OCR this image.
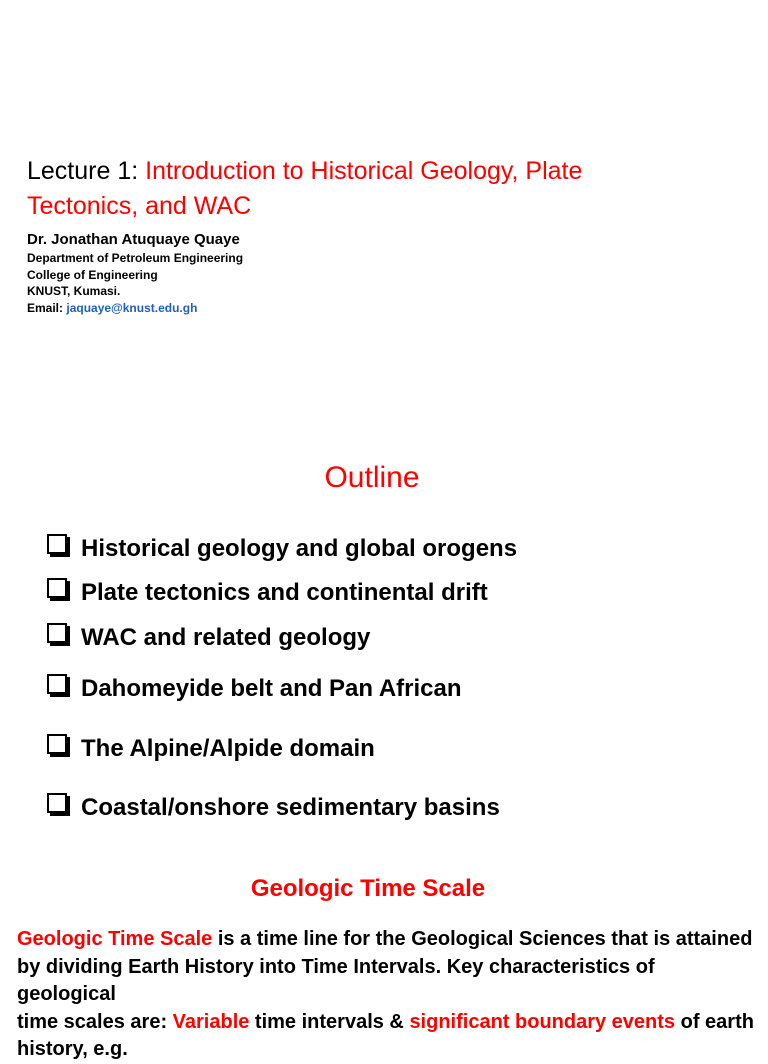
Lecture 1: Introduction to Historical Geology, Plate
Tectonics, and WAC
Dr. Jonathan Atuquaye Quaye
Department of Petroleum Engineering
College of Engineering
KNUST, Kumasi.
Email: jaquaye@knust.edu.gh
Outline
Historical geology and global orogens
Plate tectonics and continental drift
WAC and related geology
Dahomeyide belt and Pan African
The Alpine/Alpide domain
Coastal/onshore sedimentary basins
Geologic Time Scale
Geologic Time Scale is a time line for the Geological Sciences that is attained
by dividing Earth History into Time Intervals. Key characteristics of geological
time scales are: Variable time intervals & significant boundary events of earth
history, e.g.
